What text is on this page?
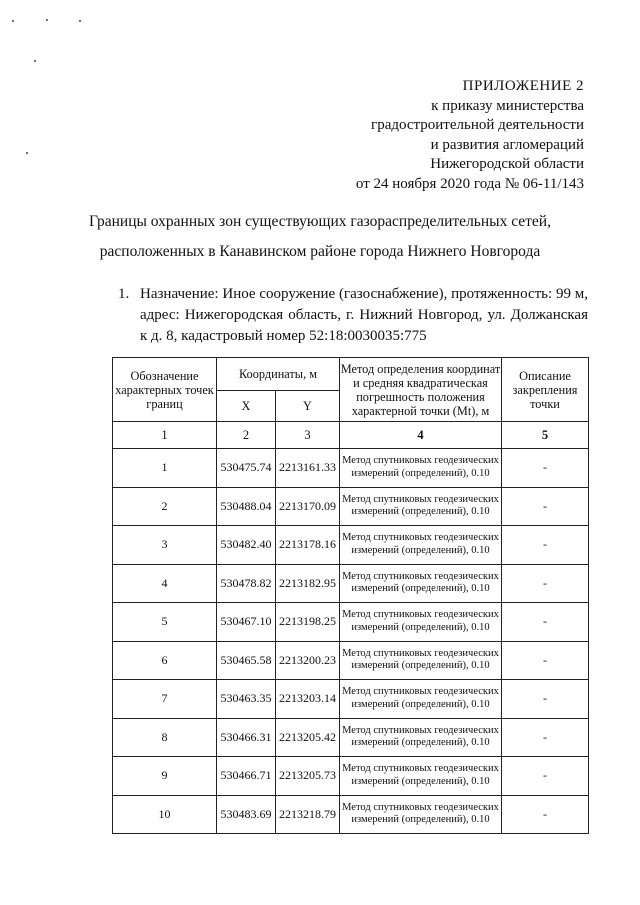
ПРИЛОЖЕНИЕ 2
к приказу министерства
градостроительной деятельности
и развития агломераций
Нижегородской области
от 24 ноября 2020 года № 06-11/143
Границы охранных зон существующих газораспределительных сетей,
расположенных в Канавинском районе города Нижнего Новгорода
1. Назначение: Иное сооружение (газоснабжение), протяженность: 99 м, адрес: Нижегородская область, г. Нижний Новгород, ул. Должанская к д. 8, кадастровый номер 52:18:0030035:775
Обозначение характерных точек границ	Координаты, м		Метод определения координат и средняя квадратическая погрешность положения характерной точки (Mt), м	Описание закрепления точки
	X	Y		
1	2	3	4	5
1	530475.74	2213161.33	Метод спутниковых геодезических измерений (определений), 0.10	-
2	530488.04	2213170.09	Метод спутниковых геодезических измерений (определений), 0.10	-
3	530482.40	2213178.16	Метод спутниковых геодезических измерений (определений), 0.10	-
4	530478.82	2213182.95	Метод спутниковых геодезических измерений (определений), 0.10	-
5	530467.10	2213198.25	Метод спутниковых геодезических измерений (определений), 0.10	-
6	530465.58	2213200.23	Метод спутниковых геодезических измерений (определений), 0.10	-
7	530463.35	2213203.14	Метод спутниковых геодезических измерений (определений), 0.10	-
8	530466.31	2213205.42	Метод спутниковых геодезических измерений (определений), 0.10	-
9	530466.71	2213205.73	Метод спутниковых геодезических измерений (определений), 0.10	-
10	530483.69	2213218.79	Метод спутниковых геодезических измерений (определений), 0.10	-
